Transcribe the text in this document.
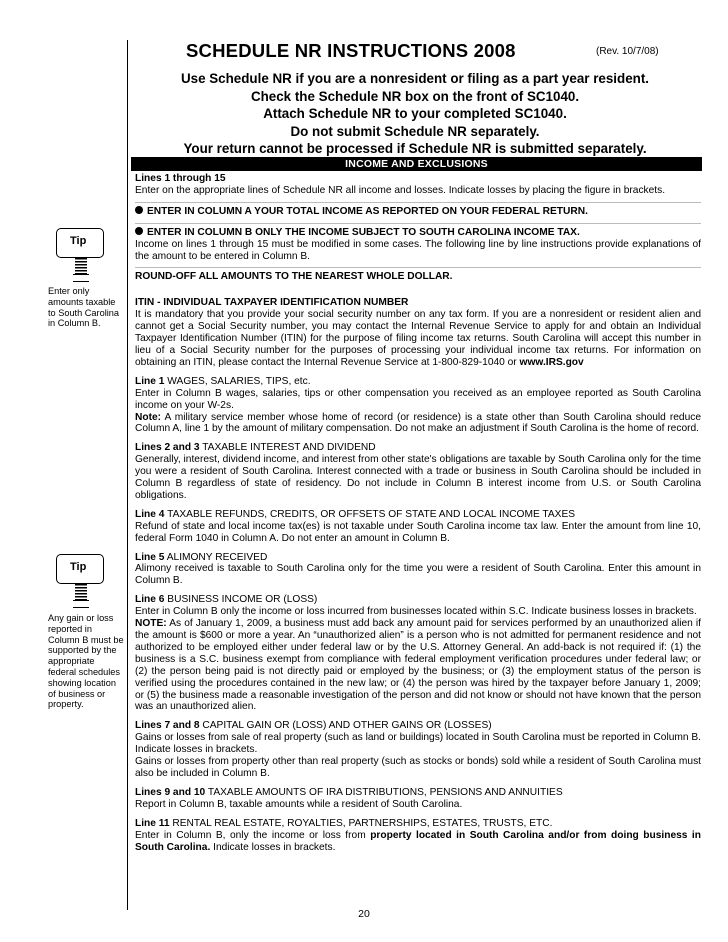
SCHEDULE NR INSTRUCTIONS 2008	(Rev. 10/7/08)
Use Schedule NR if you are a nonresident or filing as a part year resident.
Check the Schedule NR box on the front of SC1040.
Attach Schedule NR to your completed SC1040.
Do not submit Schedule NR separately.
Your return cannot be processed if Schedule NR is submitted separately.
INCOME AND EXCLUSIONS
Tip
Enter only amounts taxable to South Carolina in Column B.
Tip
Any gain or loss reported in Column B must be supported by the appropriate federal schedules showing location of business or property.

Lines 1 through 15

Enter on the appropriate lines of Schedule NR all income and losses. Indicate losses by placing the figure in brackets.

ENTER IN COLUMN A YOUR TOTAL INCOME AS REPORTED ON YOUR FEDERAL RETURN.

ENTER IN COLUMN B ONLY THE INCOME SUBJECT TO SOUTH CAROLINA INCOME TAX.

Income on lines 1 through 15 must be modified in some cases. The following line by line instructions provide explanations of the amount to be entered in Column B.

ROUND-OFF ALL AMOUNTS TO THE NEAREST WHOLE DOLLAR.

ITIN - INDIVIDUAL TAXPAYER IDENTIFICATION NUMBER

It is mandatory that you provide your social security number on any tax form. If you are a nonresident or resident alien and cannot get a Social Security number, you may contact the Internal Revenue Service to apply for and obtain an Individual Taxpayer Identification Number (ITIN) for the purpose of filing income tax returns. South Carolina will accept this number in lieu of a Social Security number for the purposes of processing your individual income tax returns. For information on obtaining an ITIN, please contact the Internal Revenue Service at 1-800-829-1040 or www.IRS.gov

Line 1 WAGES, SALARIES, TIPS, etc.

Enter in Column B wages, salaries, tips or other compensation you received as an employee reported as South Carolina income on your W-2s.

Note: A military service member whose home of record (or residence) is a state other than South Carolina should reduce Column A, line 1 by the amount of military compensation. Do not make an adjustment if South Carolina is the home of record.

Lines 2 and 3 TAXABLE INTEREST AND DIVIDEND

Generally, interest, dividend income, and interest from other state's obligations are taxable by South Carolina only for the time you were a resident of South Carolina. Interest connected with a trade or business in South Carolina should be included in Column B regardless of state of residency. Do not include in Column B interest income from U.S. or South Carolina obligations.

Line 4 TAXABLE REFUNDS, CREDITS, OR OFFSETS OF STATE AND LOCAL INCOME TAXES

Refund of state and local income tax(es) is not taxable under South Carolina income tax law. Enter the amount from line 10, federal Form 1040 in Column A. Do not enter an amount in Column B.

Line 5 ALIMONY RECEIVED

Alimony received is taxable to South Carolina only for the time you were a resident of South Carolina. Enter this amount in Column B.

Line 6 BUSINESS INCOME OR (LOSS)

Enter in Column B only the income or loss incurred from businesses located within S.C. Indicate business losses in brackets.

NOTE: As of January 1, 2009, a business must add back any amount paid for services performed by an unauthorized alien if the amount is $600 or more a year. An “unauthorized alien” is a person who is not admitted for permanent residence and not authorized to be employed either under federal law or by the U.S. Attorney General. An add-back is not required if: (1) the business is a S.C. business exempt from compliance with federal employment verification procedures under federal law; or (2) the person being paid is not directly paid or employed by the business; or (3) the employment status of the person is verified using the procedures contained in the new law; or (4) the person was hired by the taxpayer before January 1, 2009; or (5) the business made a reasonable investigation of the person and did not know or should not have known that the person was an unauthorized alien.

Lines 7 and 8 CAPITAL GAIN OR (LOSS) AND OTHER GAINS OR (LOSSES)

Gains or losses from sale of real property (such as land or buildings) located in South Carolina must be reported in Column B. Indicate losses in brackets.

Gains or losses from property other than real property (such as stocks or bonds) sold while a resident of South Carolina must also be included in Column B.

Lines 9 and 10 TAXABLE AMOUNTS OF IRA DISTRIBUTIONS, PENSIONS AND ANNUITIES

Report in Column B, taxable amounts while a resident of South Carolina.

Line 11 RENTAL REAL ESTATE, ROYALTIES, PARTNERSHIPS, ESTATES, TRUSTS, ETC.

Enter in Column B, only the income or loss from property located in South Carolina and/or from doing business in South Carolina. Indicate losses in brackets.

20
